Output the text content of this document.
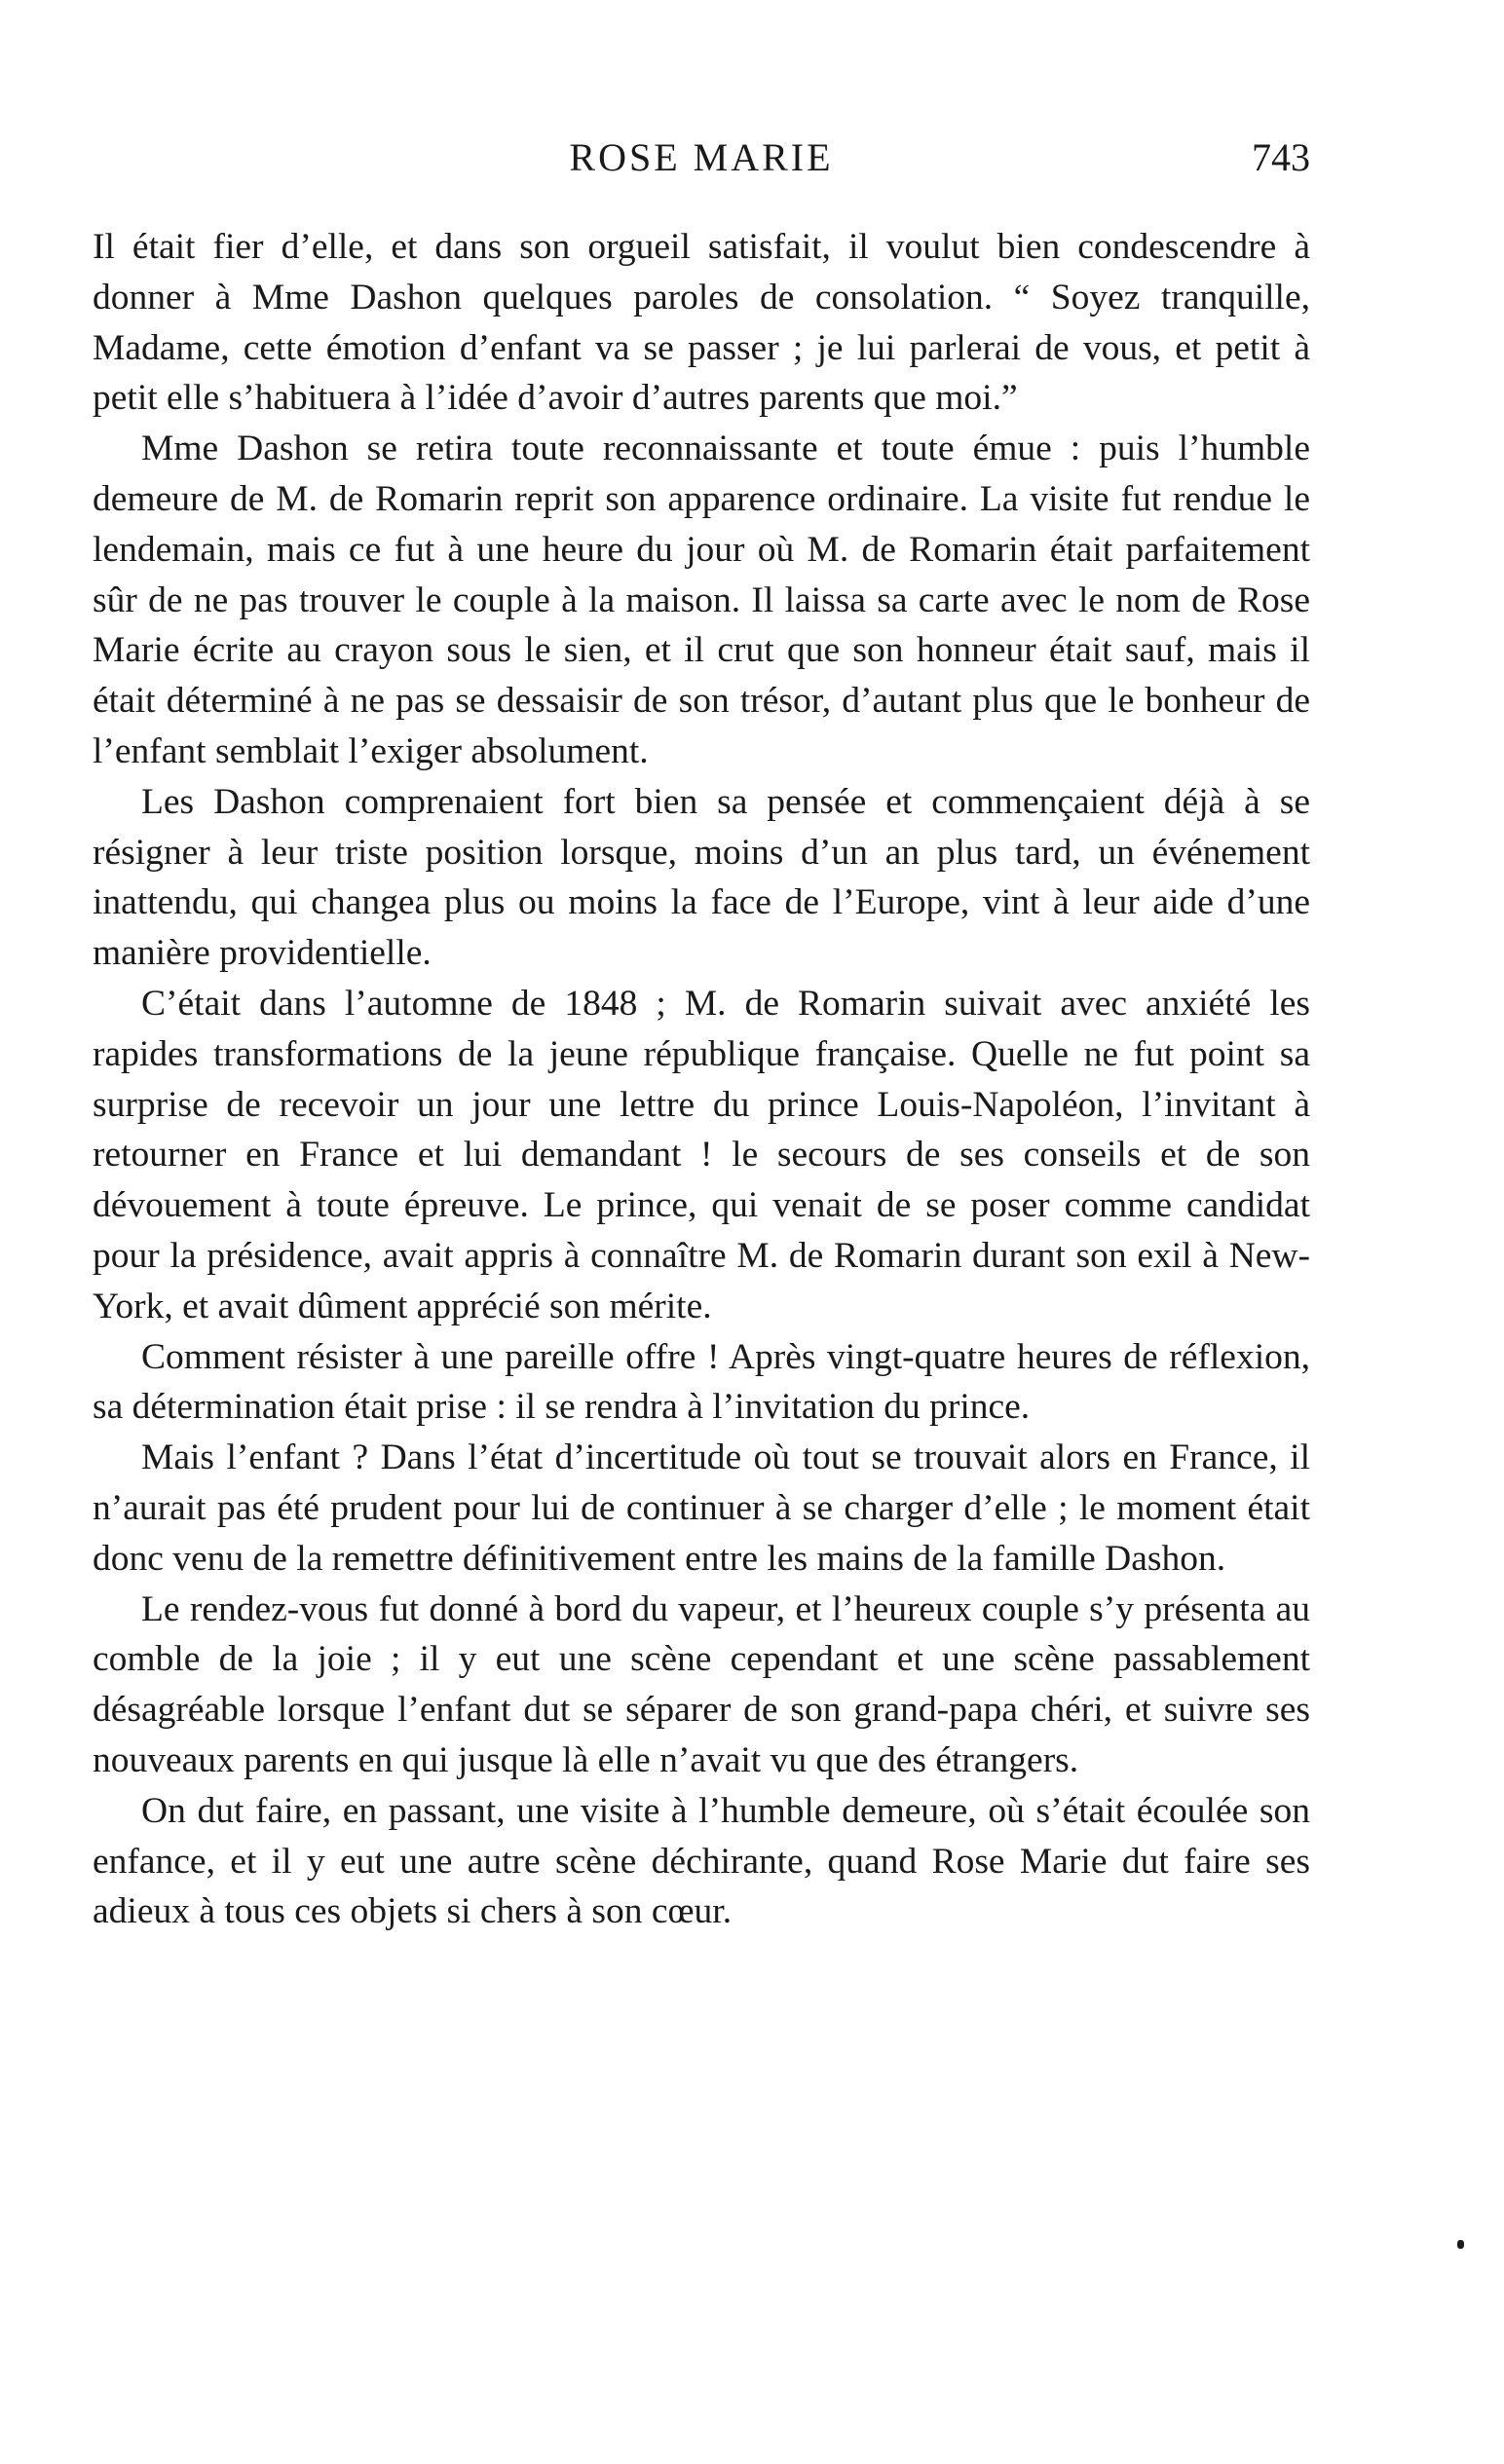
ROSE MARIE	743

Il était fier d’elle, et dans son orgueil satisfait, il voulut bien condescendre à donner à Mme Dashon quelques paroles de consolation. “ Soyez tranquille, Madame, cette émotion d’enfant va se passer ; je lui parlerai de vous, et petit à petit elle s’habituera à l’idée d’avoir d’autres parents que moi.”

Mme Dashon se retira toute reconnaissante et toute émue : puis l’humble demeure de M. de Romarin reprit son apparence ordinaire. La visite fut rendue le lendemain, mais ce fut à une heure du jour où M. de Romarin était parfaitement sûr de ne pas trouver le couple à la maison. Il laissa sa carte avec le nom de Rose Marie écrite au crayon sous le sien, et il crut que son honneur était sauf, mais il était déterminé à ne pas se dessaisir de son trésor, d’autant plus que le bonheur de l’enfant semblait l’exiger absolument.

Les Dashon comprenaient fort bien sa pensée et commençaient déjà à se résigner à leur triste position lorsque, moins d’un an plus tard, un événement inattendu, qui changea plus ou moins la face de l’Europe, vint à leur aide d’une manière providentielle.

C’était dans l’automne de 1848 ; M. de Romarin suivait avec anxiété les rapides transformations de la jeune république française. Quelle ne fut point sa surprise de recevoir un jour une lettre du prince Louis-Napoléon, l’invitant à retourner en France et lui demandant ! le secours de ses conseils et de son dévouement à toute épreuve. Le prince, qui venait de se poser comme candidat pour la présidence, avait appris à connaître M. de Romarin durant son exil à New-York, et avait dûment apprécié son mérite.

Comment résister à une pareille offre ! Après vingt-quatre heures de réflexion, sa détermination était prise : il se rendra à l’invitation du prince.

Mais l’enfant ? Dans l’état d’incertitude où tout se trouvait alors en France, il n’aurait pas été prudent pour lui de continuer à se charger d’elle ; le moment était donc venu de la remettre définitivement entre les mains de la famille Dashon.

Le rendez-vous fut donné à bord du vapeur, et l’heureux couple s’y présenta au comble de la joie ; il y eut une scène cependant et une scène passablement désagréable lorsque l’enfant dut se séparer de son grand-papa chéri, et suivre ses nouveaux parents en qui jusque là elle n’avait vu que des étrangers.

On dut faire, en passant, une visite à l’humble demeure, où s’était écoulée son enfance, et il y eut une autre scène déchirante, quand Rose Marie dut faire ses adieux à tous ces objets si chers à son cœur.
